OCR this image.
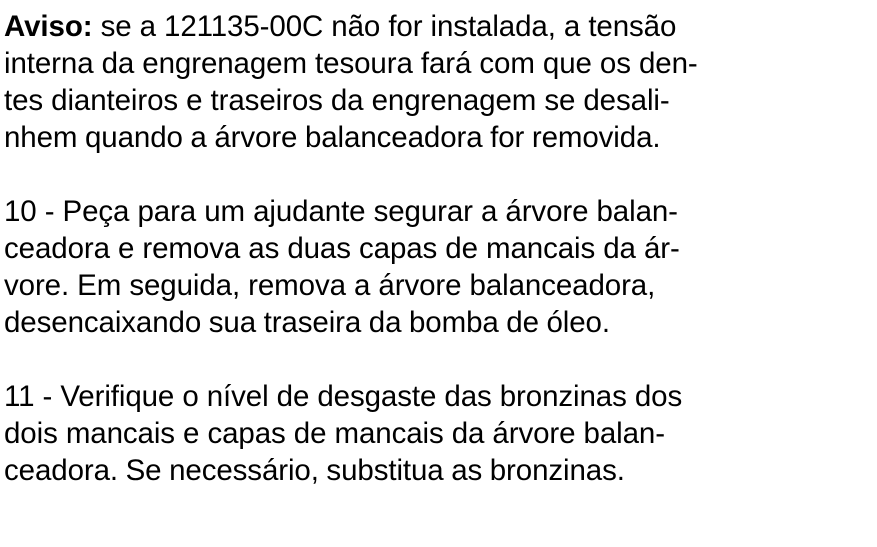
Aviso: se a 121135-00C não for instalada, a tensão

interna da engrenagem tesoura fará com que os den-

tes dianteiros e traseiros da engrenagem se desali-

nhem quando a árvore balanceadora for removida.

10 - Peça para um ajudante segurar a árvore balan-

ceadora e remova as duas capas de mancais da ár-

vore. Em seguida, remova a árvore balanceadora,

desencaixando sua traseira da bomba de óleo.

11 - Verifique o nível de desgaste das bronzinas dos

dois mancais e capas de mancais da árvore balan-

ceadora. Se necessário, substitua as bronzinas.
